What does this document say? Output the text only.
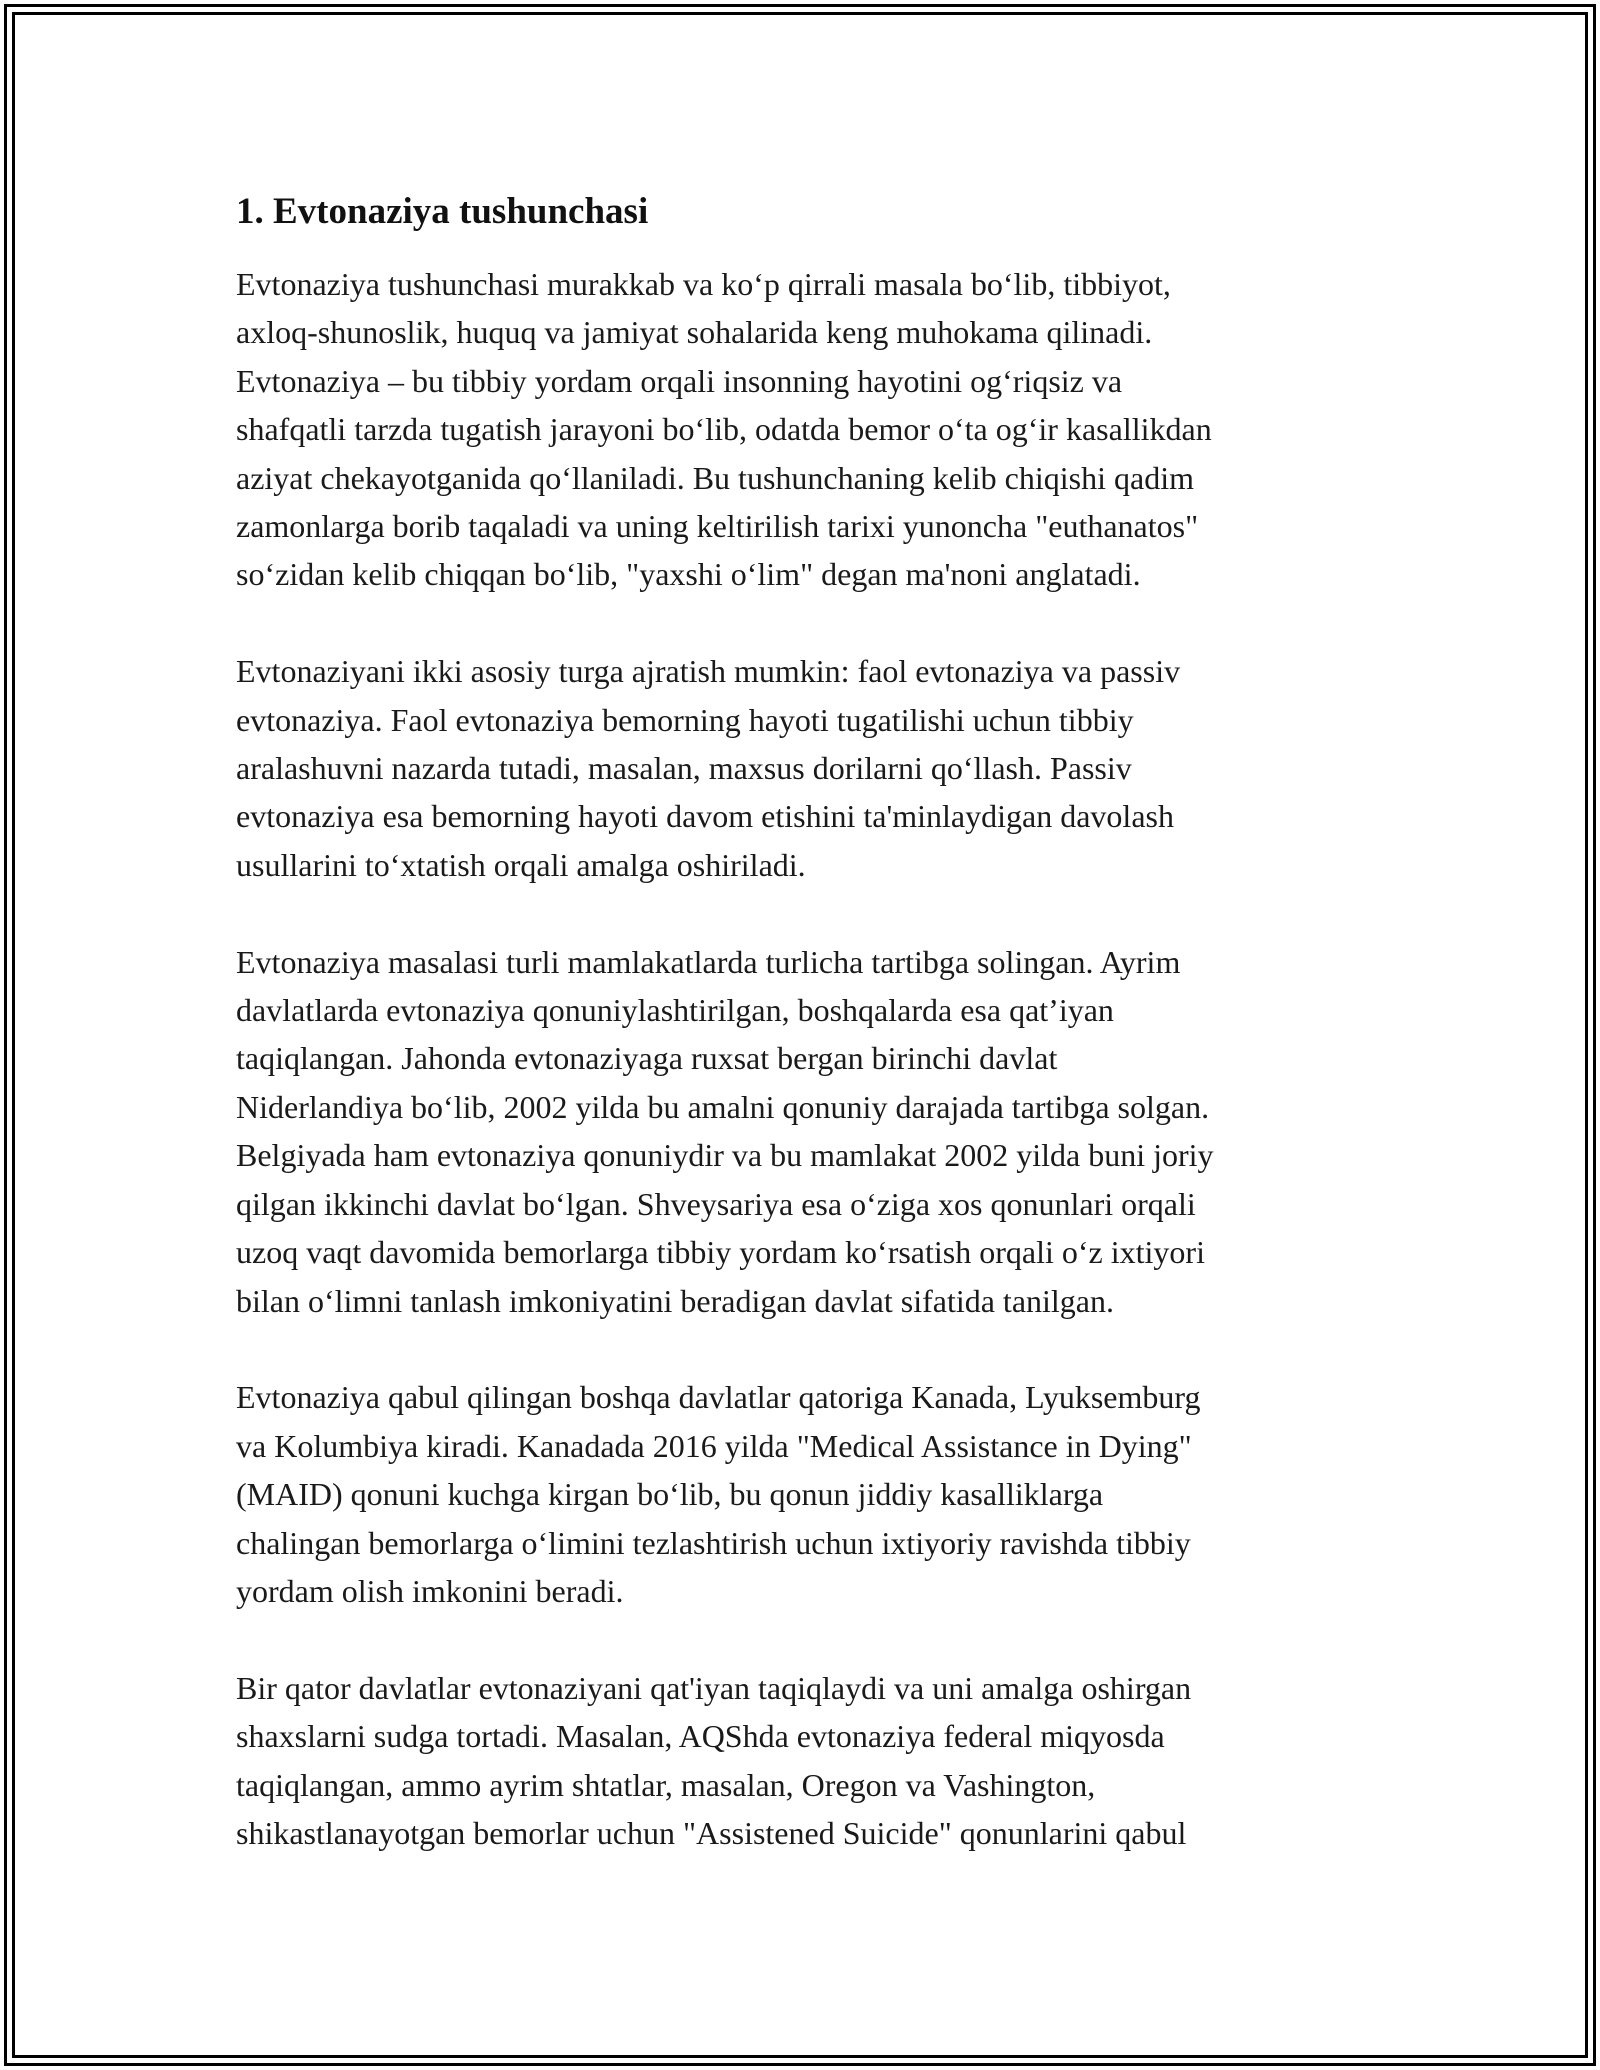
1. Evtonaziya tushunchasi

Evtonaziya tushunchasi murakkab va ko‘p qirrali masala bo‘lib, tibbiyot,
axloq-shunoslik, huquq va jamiyat sohalarida keng muhokama qilinadi.
Evtonaziya – bu tibbiy yordam orqali insonning hayotini og‘riqsiz va
shafqatli tarzda tugatish jarayoni bo‘lib, odatda bemor o‘ta og‘ir kasallikdan
aziyat chekayotganida qo‘llaniladi. Bu tushunchaning kelib chiqishi qadim
zamonlarga borib taqaladi va uning keltirilish tarixi yunoncha "euthanatos"
so‘zidan kelib chiqqan bo‘lib, "yaxshi o‘lim" degan ma'noni anglatadi.

Evtonaziyani ikki asosiy turga ajratish mumkin: faol evtonaziya va passiv
evtonaziya. Faol evtonaziya bemorning hayoti tugatilishi uchun tibbiy
aralashuvni nazarda tutadi, masalan, maxsus dorilarni qo‘llash. Passiv
evtonaziya esa bemorning hayoti davom etishini ta'minlaydigan davolash
usullarini to‘xtatish orqali amalga oshiriladi.

Evtonaziya masalasi turli mamlakatlarda turlicha tartibga solingan. Ayrim
davlatlarda evtonaziya qonuniylashtirilgan, boshqalarda esa qat’iyan
taqiqlangan. Jahonda evtonaziyaga ruxsat bergan birinchi davlat
Niderlandiya bo‘lib, 2002 yilda bu amalni qonuniy darajada tartibga solgan.
Belgiyada ham evtonaziya qonuniydir va bu mamlakat 2002 yilda buni joriy
qilgan ikkinchi davlat bo‘lgan. Shveysariya esa o‘ziga xos qonunlari orqali
uzoq vaqt davomida bemorlarga tibbiy yordam ko‘rsatish orqali o‘z ixtiyori
bilan o‘limni tanlash imkoniyatini beradigan davlat sifatida tanilgan.

Evtonaziya qabul qilingan boshqa davlatlar qatoriga Kanada, Lyuksemburg
va Kolumbiya kiradi. Kanadada 2016 yilda "Medical Assistance in Dying"
(MAID) qonuni kuchga kirgan bo‘lib, bu qonun jiddiy kasalliklarga
chalingan bemorlarga o‘limini tezlashtirish uchun ixtiyoriy ravishda tibbiy
yordam olish imkonini beradi.

Bir qator davlatlar evtonaziyani qat'iyan taqiqlaydi va uni amalga oshirgan
shaxslarni sudga tortadi. Masalan, AQShda evtonaziya federal miqyosda
taqiqlangan, ammo ayrim shtatlar, masalan, Oregon va Vashington,
shikastlanayotgan bemorlar uchun "Assistened Suicide" qonunlarini qabul
